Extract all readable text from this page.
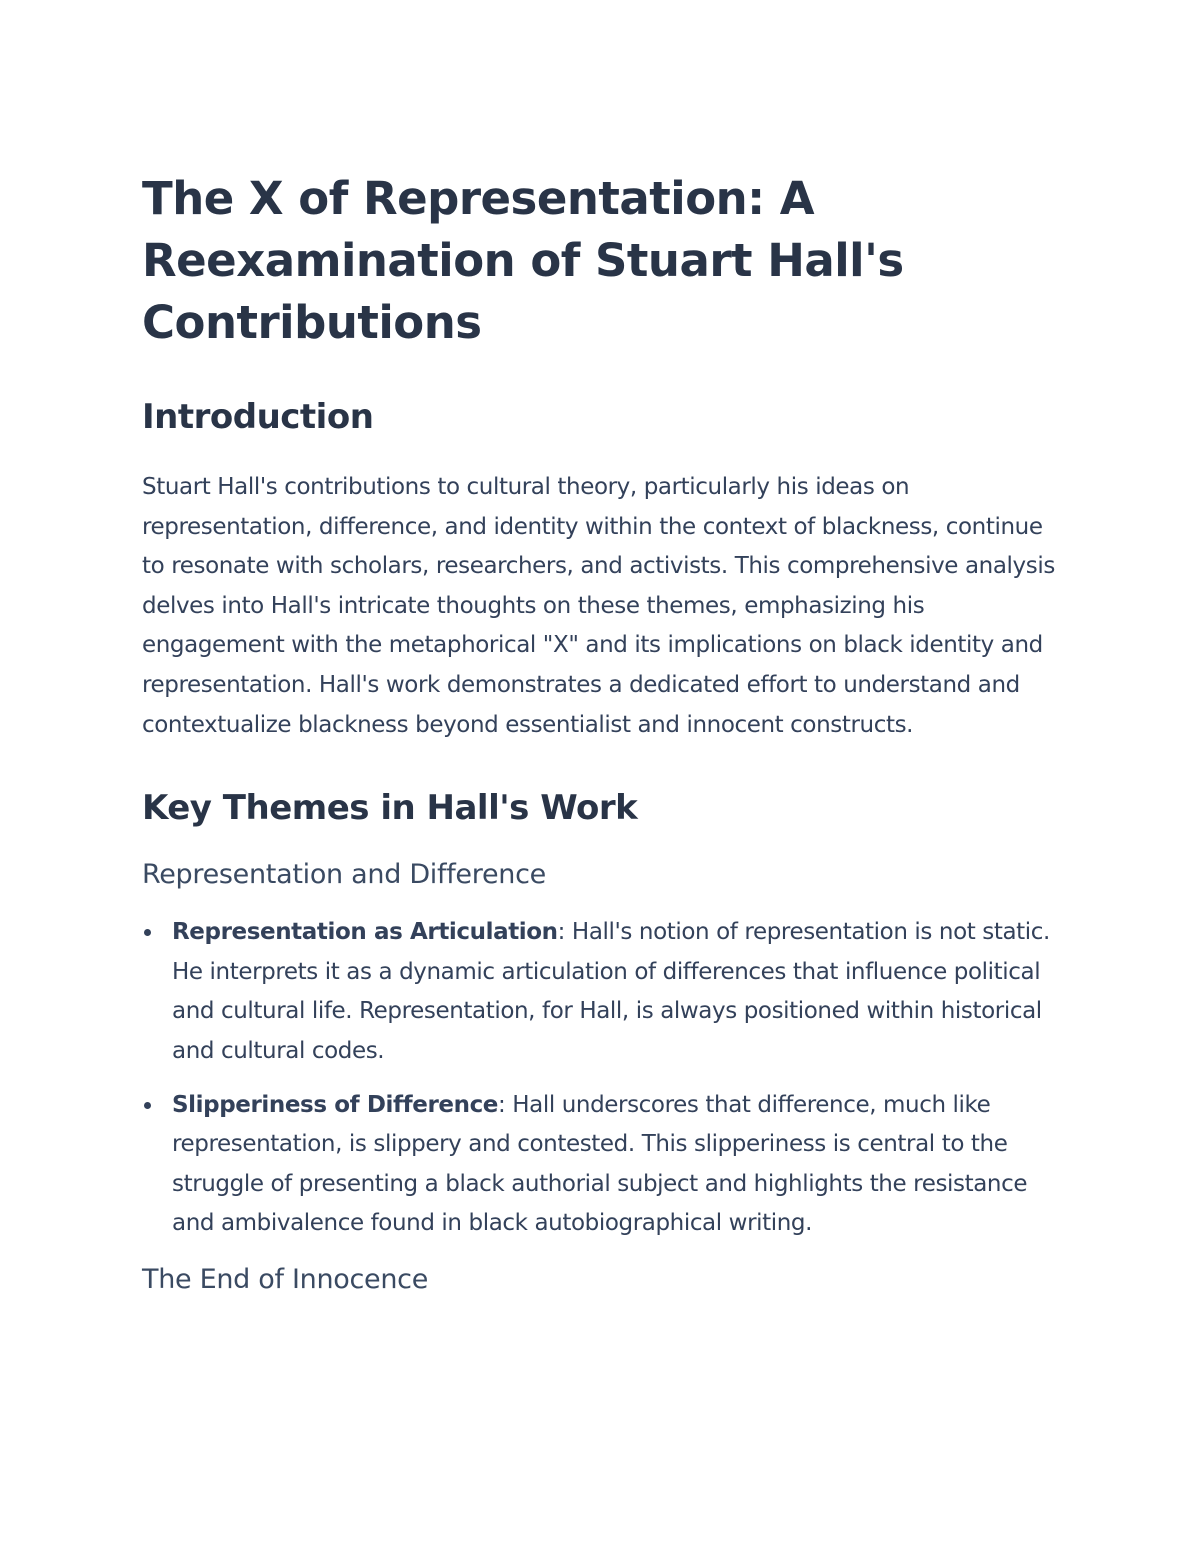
The X of Representation: A Reexamination of Stuart Hall's Contributions
Introduction

Stuart Hall's contributions to cultural theory, particularly his ideas on representation, difference, and identity within the context of blackness, continue to resonate with scholars, researchers, and activists. This comprehensive analysis delves into Hall's intricate thoughts on these themes, emphasizing his engagement with the metaphorical "X" and its implications on black identity and representation. Hall's work demonstrates a dedicated effort to understand and contextualize blackness beyond essentialist and innocent constructs.

Key Themes in Hall's Work
Representation and Difference
Representation as Articulation: Hall's notion of representation is not static. He interprets it as a dynamic articulation of differences that influence political and cultural life. Representation, for Hall, is always positioned within historical and cultural codes.
Slipperiness of Difference: Hall underscores that difference, much like representation, is slippery and contested. This slipperiness is central to the struggle of presenting a black authorial subject and highlights the resistance and ambivalence found in black autobiographical writing.
The End of Innocence
